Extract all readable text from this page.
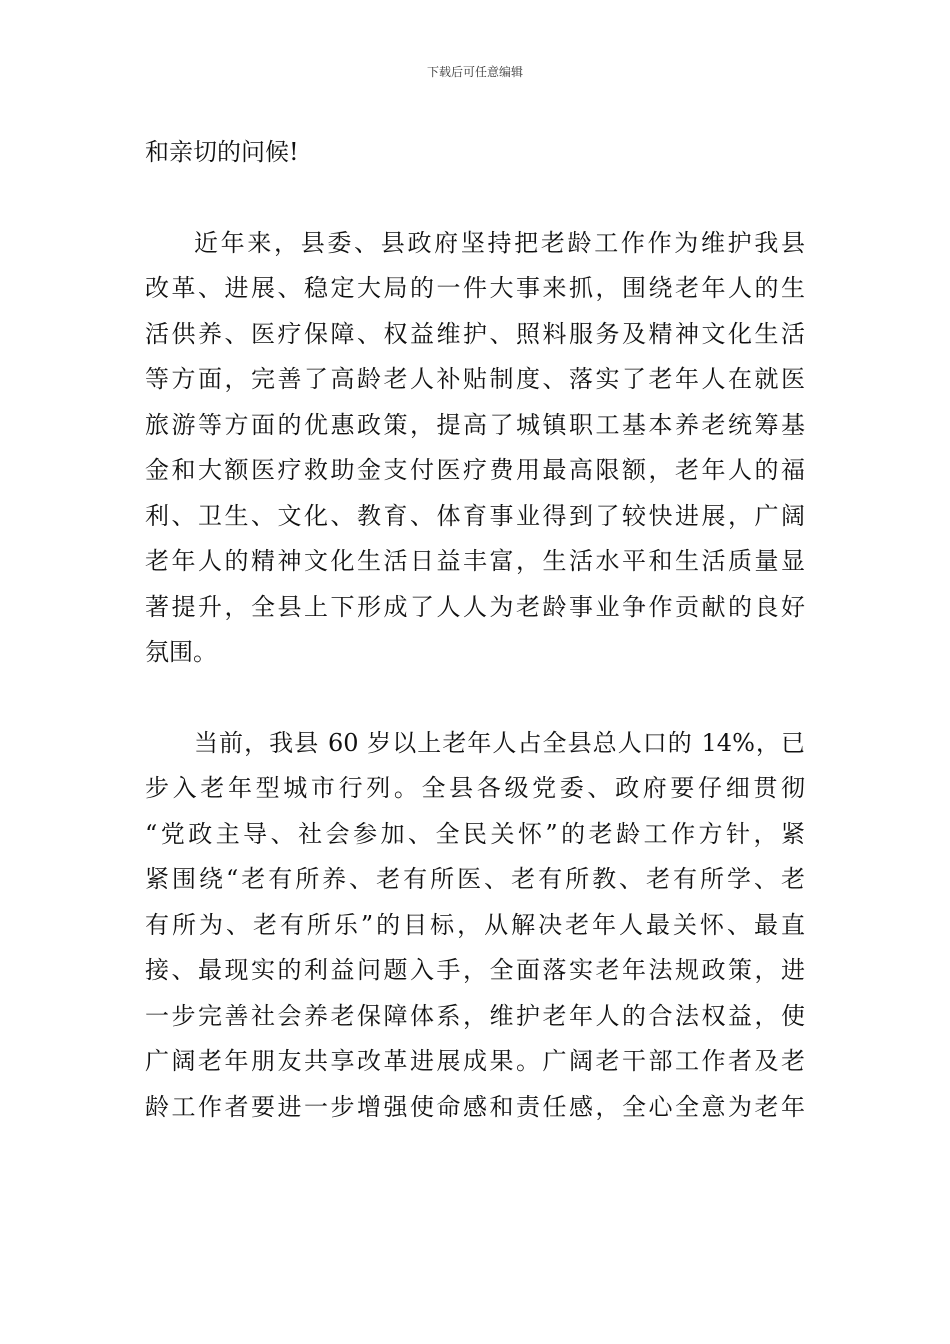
下载后可任意编辑

和亲切的问候!

近年来，县委、县政府坚持把老龄工作作为维护我县
改革、进展、稳定大局的一件大事来抓，围绕老年人的生
活供养、医疗保障、权益维护、照料服务及精神文化生活
等方面，完善了高龄老人补贴制度、落实了老年人在就医
旅游等方面的优惠政策，提高了城镇职工基本养老统筹基
金和大额医疗救助金支付医疗费用最高限额，老年人的福
利、卫生、文化、教育、体育事业得到了较快进展，广阔
老年人的精神文化生活日益丰富，生活水平和生活质量显
著提升，全县上下形成了人人为老龄事业争作贡献的良好
氛围。

当前，我县 60 岁以上老年人占全县总人口的 14%，已
步入老年型城市行列。全县各级党委、政府要仔细贯彻
“党政主导、社会参加、全民关怀”的老龄工作方针，紧
紧围绕“老有所养、老有所医、老有所教、老有所学、老
有所为、老有所乐”的目标，从解决老年人最关怀、最直
接、最现实的利益问题入手，全面落实老年法规政策，进
一步完善社会养老保障体系，维护老年人的合法权益，使
广阔老年朋友共享改革进展成果。广阔老干部工作者及老
龄工作者要进一步增强使命感和责任感，全心全意为老年
